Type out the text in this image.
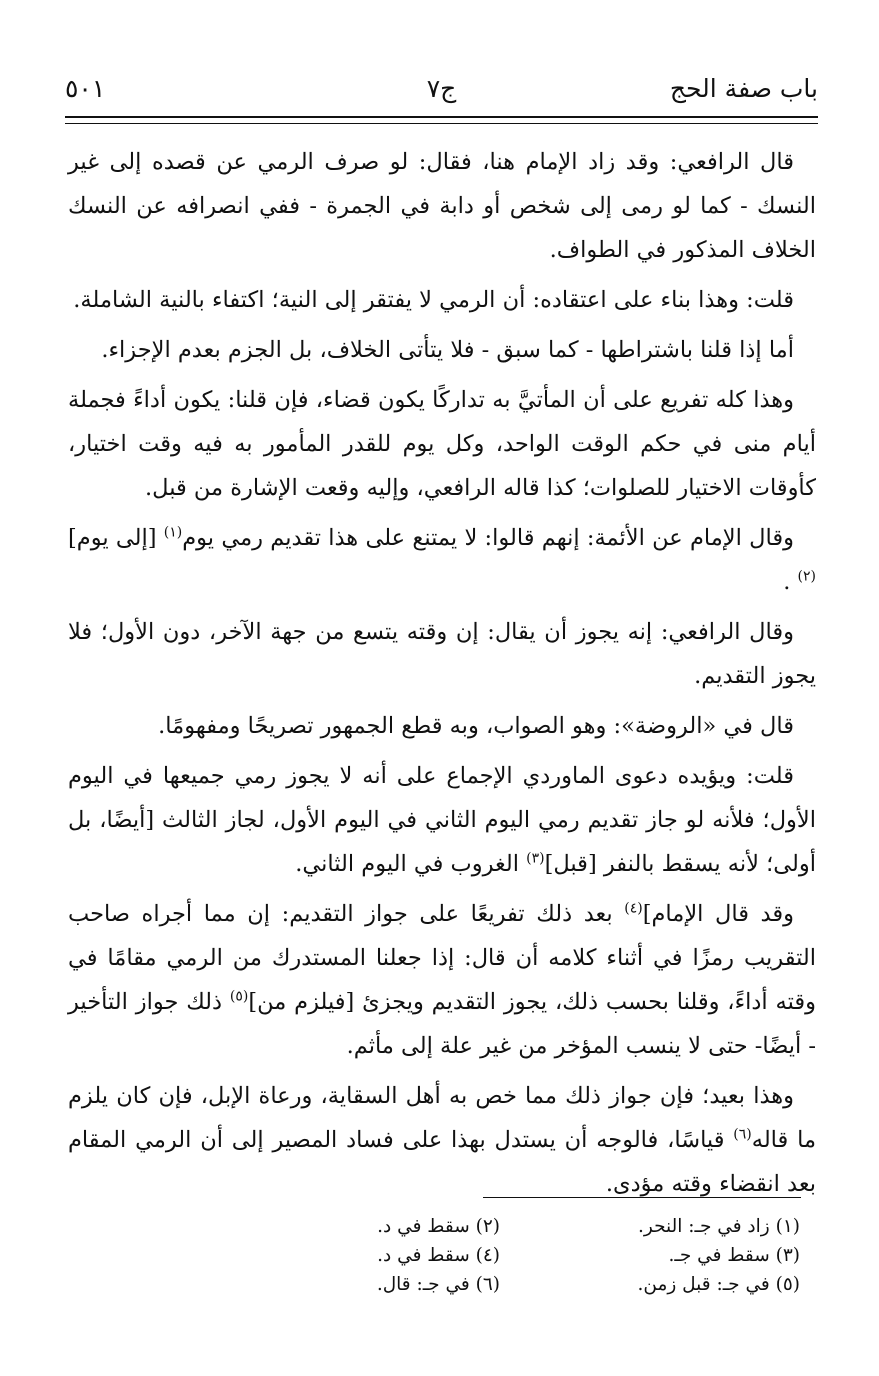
باب صفة الحج
ج٧
٥٠١

قال الرافعي: وقد زاد الإمام هنا، فقال: لو صرف الرمي عن قصده إلى غير النسك - كما لو رمى إلى شخص أو دابة في الجمرة - ففي انصرافه عن النسك الخلاف المذكور في الطواف.

قلت: وهذا بناء على اعتقاده: أن الرمي لا يفتقر إلى النية؛ اكتفاء بالنية الشاملة.

أما إذا قلنا باشتراطها - كما سبق - فلا يتأتى الخلاف، بل الجزم بعدم الإجزاء.

وهذا كله تفريع على أن المأتيَّ به تداركًا يكون قضاء، فإن قلنا: يكون أداءً فجملة أيام منى في حكم الوقت الواحد، وكل يوم للقدر المأمور به فيه وقت اختيار، كأوقات الاختيار للصلوات؛ كذا قاله الرافعي، وإليه وقعت الإشارة من قبل.

وقال الإمام عن الأئمة: إنهم قالوا: لا يمتنع على هذا تقديم رمي يوم$^{(١)}$ [إلى يوم]$^{(٢)}$ .

وقال الرافعي: إنه يجوز أن يقال: إن وقته يتسع من جهة الآخر، دون الأول؛ فلا يجوز التقديم.

قال في «الروضة»: وهو الصواب، وبه قطع الجمهور تصريحًا ومفهومًا.

قلت: ويؤيده دعوى الماوردي الإجماع على أنه لا يجوز رمي جميعها في اليوم الأول؛ فلأنه لو جاز تقديم رمي اليوم الثاني في اليوم الأول، لجاز الثالث [أيضًا، بل أولى؛ لأنه يسقط بالنفر [قبل]$^{(٣)}$ الغروب في اليوم الثاني.

وقد قال الإمام]$^{(٤)}$ بعد ذلك تفريعًا على جواز التقديم: إن مما أجراه صاحب التقريب رمزًا في أثناء كلامه أن قال: إذا جعلنا المستدرك من الرمي مقامًا في وقته أداءً، وقلنا بحسب ذلك، يجوز التقديم ويجزئ [فيلزم من]$^{(٥)}$ ذلك جواز التأخير - أيضًا- حتى لا ينسب المؤخر من غير علة إلى مأثم.

وهذا بعيد؛ فإن جواز ذلك مما خص به أهل السقاية، ورعاة الإبل، فإن كان يلزم ما قاله$^{(٦)}$ قياسًا، فالوجه أن يستدل بهذا على فساد المصير إلى أن الرمي المقام بعد انقضاء وقته مؤدى.

(١) زاد في جـ: النحر.
(٢) سقط في د.
(٣) سقط في جـ.
(٤) سقط في د.
(٥) في جـ: قبل زمن.
(٦) في جـ: قال.
